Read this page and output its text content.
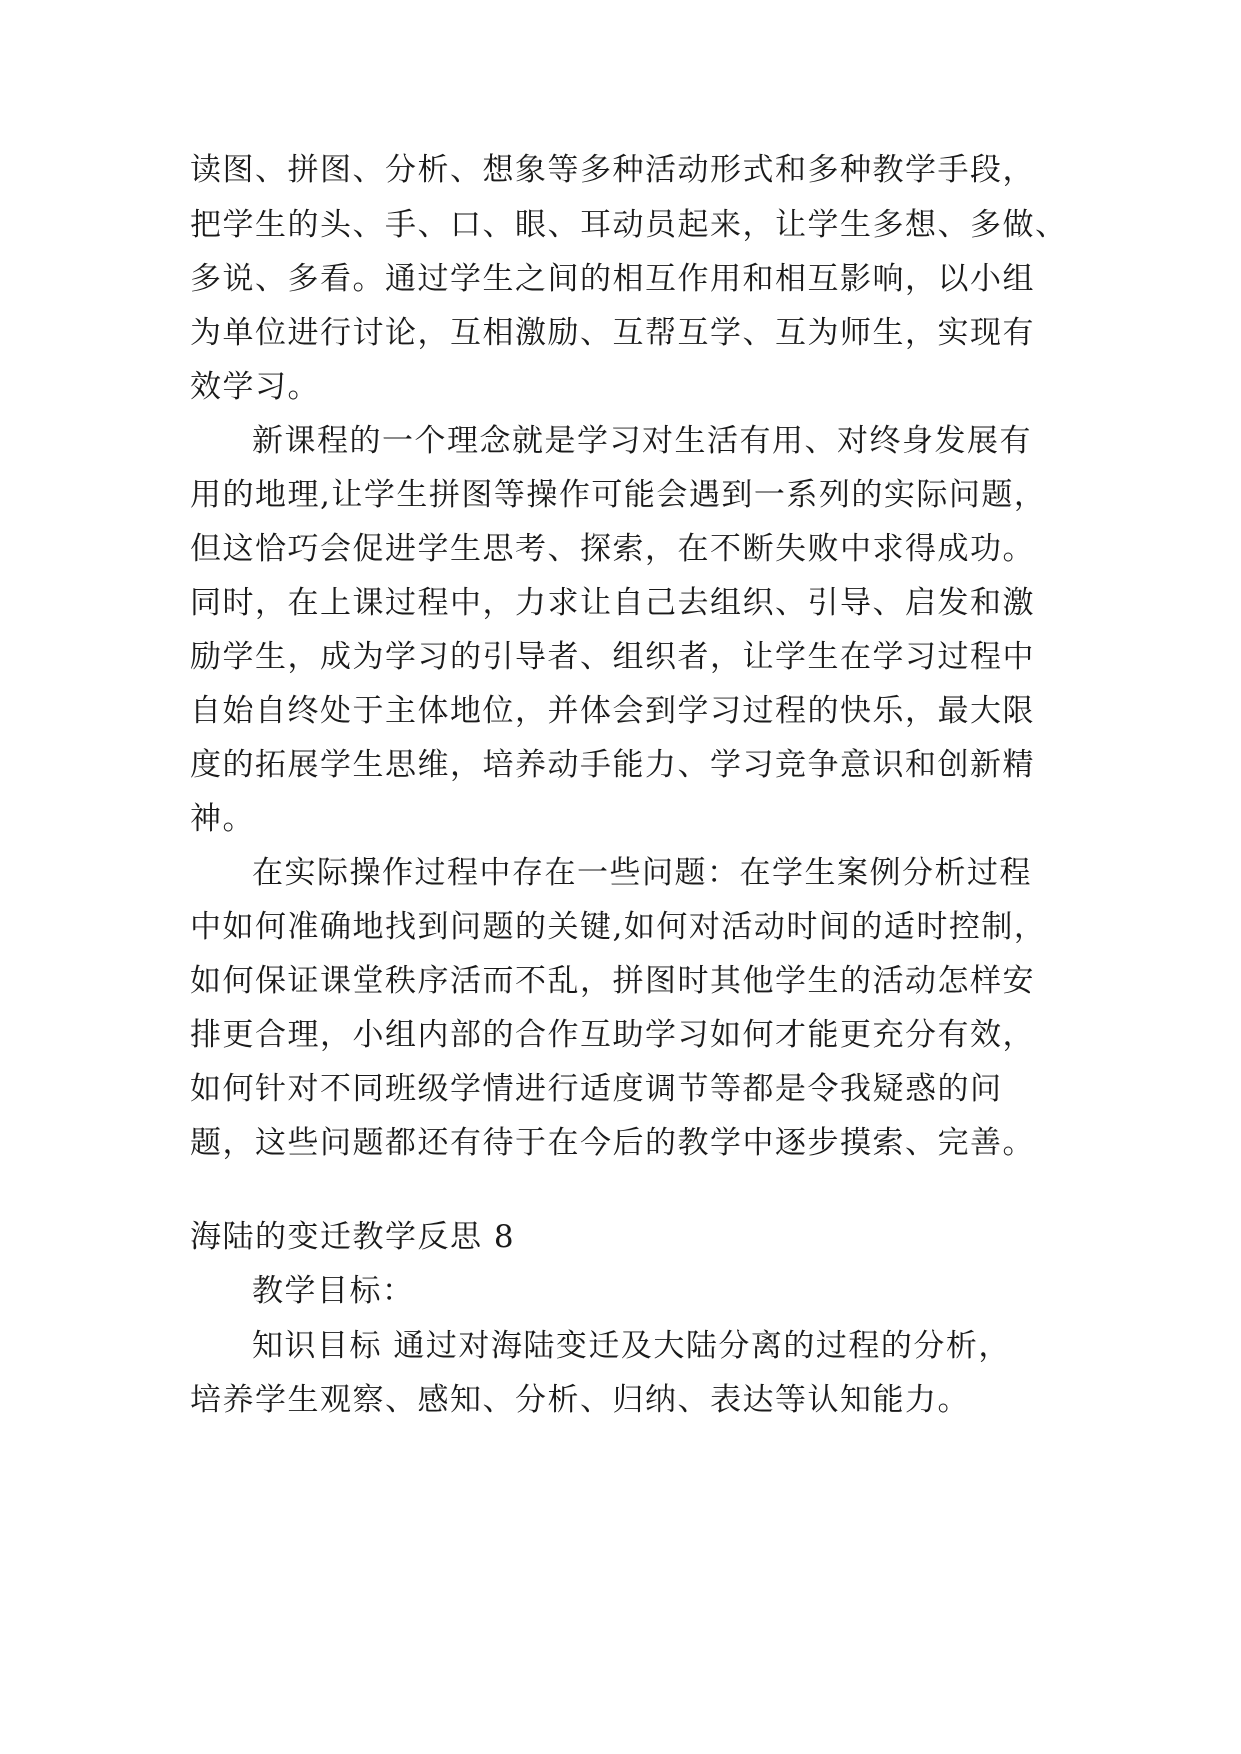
读图、拼图、分析、想象等多种活动形式和多种教学手段，
把学生的头、手、口、眼、耳动员起来，让学生多想、多做、
多说、多看。通过学生之间的相互作用和相互影响，以小组
为单位进行讨论，互相激励、互帮互学、互为师生，实现有
效学习。
新课程的一个理念就是学习对生活有用、对终身发展有
用的地理,让学生拼图等操作可能会遇到一系列的实际问题，
但这恰巧会促进学生思考、探索，在不断失败中求得成功。
同时，在上课过程中，力求让自己去组织、引导、启发和激
励学生，成为学习的引导者、组织者，让学生在学习过程中
自始自终处于主体地位，并体会到学习过程的快乐，最大限
度的拓展学生思维，培养动手能力、学习竞争意识和创新精
神。
在实际操作过程中存在一些问题：在学生案例分析过程
中如何准确地找到问题的关键,如何对活动时间的适时控制，
如何保证课堂秩序活而不乱，拼图时其他学生的活动怎样安
排更合理，小组内部的合作互助学习如何才能更充分有效，
如何针对不同班级学情进行适度调节等都是令我疑惑的问
题，这些问题都还有待于在今后的教学中逐步摸索、完善。
海陆的变迁教学反思 8
教学目标：
知识目标 通过对海陆变迁及大陆分离的过程的分析，
培养学生观察、感知、分析、归纳、表达等认知能力。
